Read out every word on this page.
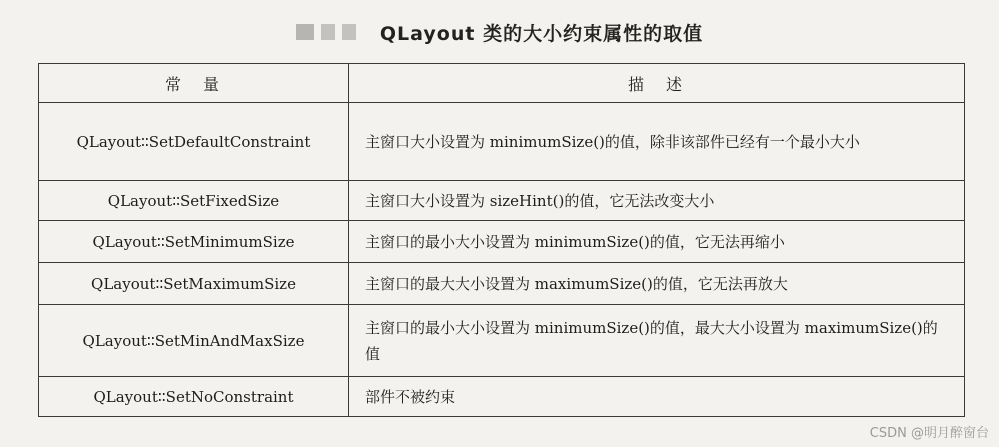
QLayout 类的大小约束属性的取值
常　量	描　述
QLayout∶∶SetDefaultConstraint	主窗口大小设置为 minimumSize()的值，除非该部件已经有一个最小大小
QLayout∶∶SetFixedSize	主窗口大小设置为 sizeHint()的值，它无法改变大小
QLayout∶∶SetMinimumSize	主窗口的最小大小设置为 minimumSize()的值，它无法再缩小
QLayout∶∶SetMaximumSize	主窗口的最大大小设置为 maximumSize()的值，它无法再放大
QLayout∶∶SetMinAndMaxSize	主窗口的最小大小设置为 minimumSize()的值，最大大小设置为 maximumSize()的值
QLayout∶∶SetNoConstraint	部件不被约束
CSDN @明月醉窗台
